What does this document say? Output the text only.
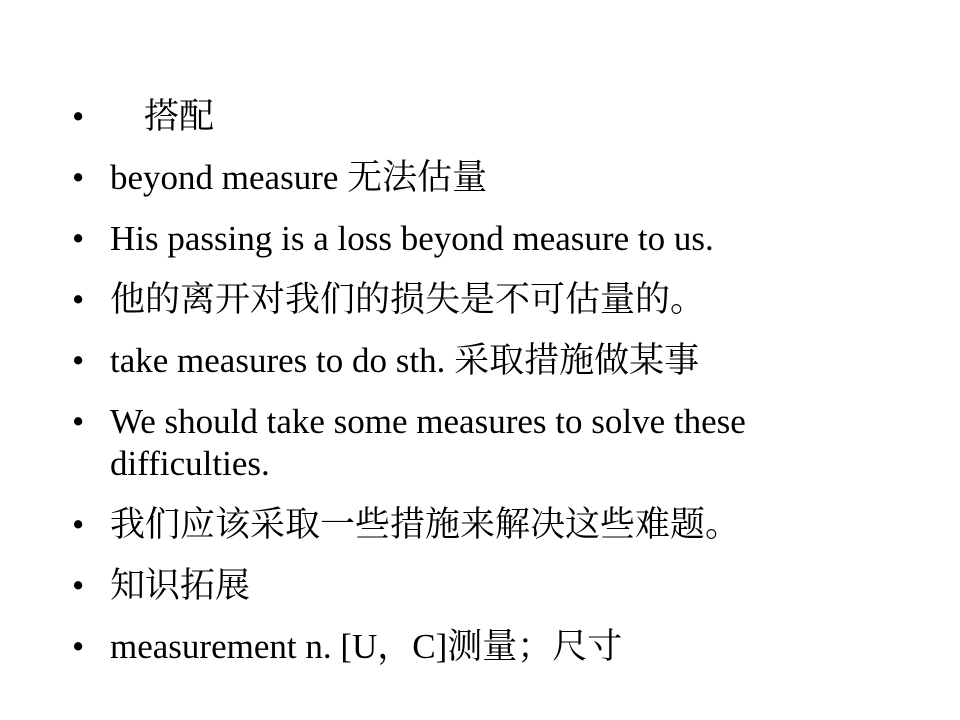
•	搭配
• beyond measure 无法估量
• His passing is a loss beyond measure to us.
• 他的离开对我们的损失是不可估量的。
• take measures to do sth. 采取措施做某事
• We should take some measures to solve these difficulties.
• 我们应该采取一些措施来解决这些难题。
• 知识拓展
• measurement n. [U，C]测量；尺寸
